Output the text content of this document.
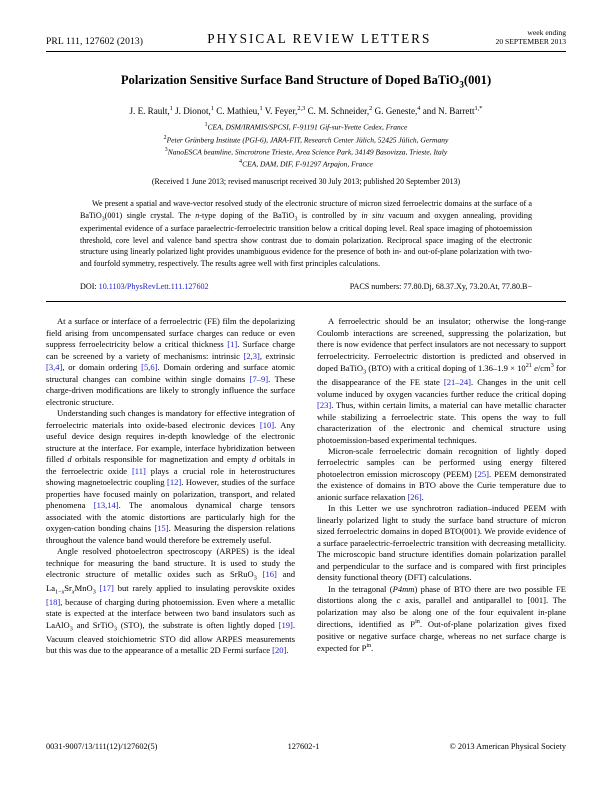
PRL 111, 127602 (2013)	PHYSICAL REVIEW LETTERS	week ending
20 SEPTEMBER 2013
Polarization Sensitive Surface Band Structure of Doped BaTiO$_3$(001)
J. E. Rault,$^1$ J. Dionot,$^1$ C. Mathieu,$^1$ V. Feyer,$^{2,3}$ C. M. Schneider,$^2$ G. Geneste,$^4$ and N. Barrett$^{1,*}$
$^1$CEA, DSM/IRAMIS/SPCSI, F-91191 Gif-sur-Yvette Cedex, France
$^2$Peter Grünberg Institute (PGI-6), JARA-FIT, Research Center Jülich, 52425 Jülich, Germany
$^3$NanoESCA beamline, Sincrotrone Trieste, Area Science Park, 34149 Basovizza, Trieste, Italy
$^4$CEA, DAM, DIF, F-91297 Arpajon, France
(Received 1 June 2013; revised manuscript received 30 July 2013; published 20 September 2013)
We present a spatial and wave-vector resolved study of the electronic structure of micron sized ferroelectric domains at the surface of a BaTiO$_3$(001) single crystal. The n-type doping of the BaTiO$_3$ is controlled by in situ vacuum and oxygen annealing, providing experimental evidence of a surface paraelectric-ferroelectric transition below a critical doping level. Real space imaging of photoemission threshold, core level and valence band spectra show contrast due to domain polarization. Reciprocal space imaging of the electronic structure using linearly polarized light provides unambiguous evidence for the presence of both in- and out-of-plane polarization with two- and fourfold symmetry, respectively. The results agree well with first principles calculations.
DOI: 10.1103/PhysRevLett.111.127602	PACS numbers: 77.80.Dj, 68.37.Xy, 73.20.At, 77.80.B−

At a surface or interface of a ferroelectric (FE) film the depolarizing field arising from uncompensated surface charges can reduce or even suppress ferroelectricity below a critical thickness [1]. Surface charge can be screened by a variety of mechanisms: intrinsic [2,3], extrinsic [3,4], or domain ordering [5,6]. Domain ordering and surface atomic structural changes can combine within single domains [7–9]. These charge-driven modifications are likely to strongly influence the surface electronic structure.

Understanding such changes is mandatory for effective integration of ferroelectric materials into oxide-based electronic devices [10]. Any useful device design requires in-depth knowledge of the electronic structure at the interface. For example, interface hybridization between filled d orbitals responsible for magnetization and empty d orbitals in the ferroelectric oxide [11] plays a crucial role in heterostructures showing magnetoelectric coupling [12]. However, studies of the surface properties have focused mainly on polarization, transport, and related phenomena [13,14]. The anomalous dynamical charge tensors associated with the atomic distortions are particularly high for the oxygen-cation bonding chains [15]. Measuring the dispersion relations throughout the valence band would therefore be extremely useful.

Angle resolved photoelectron spectroscopy (ARPES) is the ideal technique for measuring the band structure. It is used to study the electronic structure of metallic oxides such as SrRuO$_3$ [16] and $La_{1-x}Sr_xMnO_3$ [17] but rarely applied to insulating perovskite oxides [18], because of charging during photoemission. Even where a metallic state is expected at the interface between two band insulators such as LaAlO$_3$ and SrTiO$_3$ (STO), the substrate is often lightly doped [19]. Vacuum cleaved stoichiometric STO did allow ARPES measurements but this was due to the appearance of a metallic 2D Fermi surface [20].

A ferroelectric should be an insulator; otherwise the long-range Coulomb interactions are screened, suppressing the polarization, but there is now evidence that perfect insulators are not necessary to support ferroelectricity. Ferroelectric distortion is predicted and observed in doped BaTiO$_3$ (BTO) with a critical doping of $1.36-1.9 \times 10^{21}$ $e/cm^3$ for the disappearance of the FE state [21–24]. Changes in the unit cell volume induced by oxygen vacancies further reduce the critical doping [23]. Thus, within certain limits, a material can have metallic character while stabilizing a ferroelectric state. This opens the way to full characterization of the electronic and chemical structure using photoemission-based experimental techniques.

Micron-scale ferroelectric domain recognition of lightly doped ferroelectric samples can be performed using energy filtered photoelectron emission microscopy (PEEM) [25]. PEEM demonstrated the existence of domains in BTO above the Curie temperature due to anionic surface relaxation [26].

In this Letter we use synchrotron radiation–induced PEEM with linearly polarized light to study the surface band structure of micron sized ferroelectric domains in doped BTO(001). We provide evidence of a surface paraelectric-ferroelectric transition with decreasing metallicity. The microscopic band structure identifies domain polarization parallel and perpendicular to the surface and is compared with first principles density functional theory (DFT) calculations.

In the tetragonal (P4mm) phase of BTO there are two possible FE distortions along the c axis, parallel and antiparallel to [001]. The polarization may also be along one of the four equivalent in-plane directions, identified as $P^{in}$. Out-of-plane polarization gives fixed positive or negative surface charge, whereas no net surface charge is expected for $P^{in}$.

0031-9007/13/111(12)/127602(5)	127602-1	© 2013 American Physical Society
